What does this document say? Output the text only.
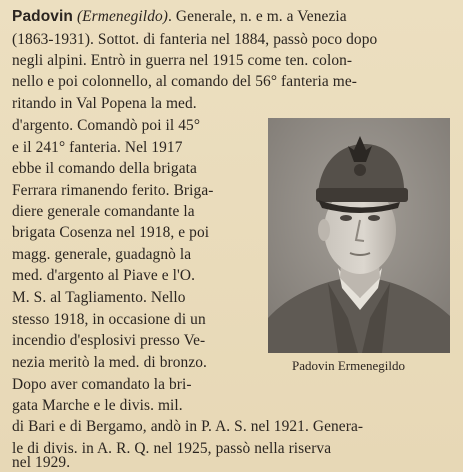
Padovin (Ermenegildo). Generale, n. e m. a Venezia
(1863-1931). Sottot. di fanteria nel 1884, passò poco dopo
negli alpini. Entrò in guerra nel 1915 come ten. colon-
nello e poi colonnello, al comando del 56° fanteria me-
ritando in Val Popena la med.
d'argento. Comandò poi il 45°
e il 241° fanteria. Nel 1917
ebbe il comando della brigata
Ferrara rimanendo ferito. Briga-
diere generale comandante la
brigata Cosenza nel 1918, e poi
magg. generale, guadagnò la
med. d'argento al Piave e l'O.
M. S. al Tagliamento. Nello
stesso 1918, in occasione di un
incendio d'esplosivi presso Ve-
nezia meritò la med. di bronzo.
Dopo aver comandato la bri-
gata Marche e le divis. mil.
di Bari e di Bergamo, andò in P. A. S. nel 1921. Genera-
le di divis. in A. R. Q. nel 1925, passò nella riserva
nel 1929.
Padovin Ermenegildo
